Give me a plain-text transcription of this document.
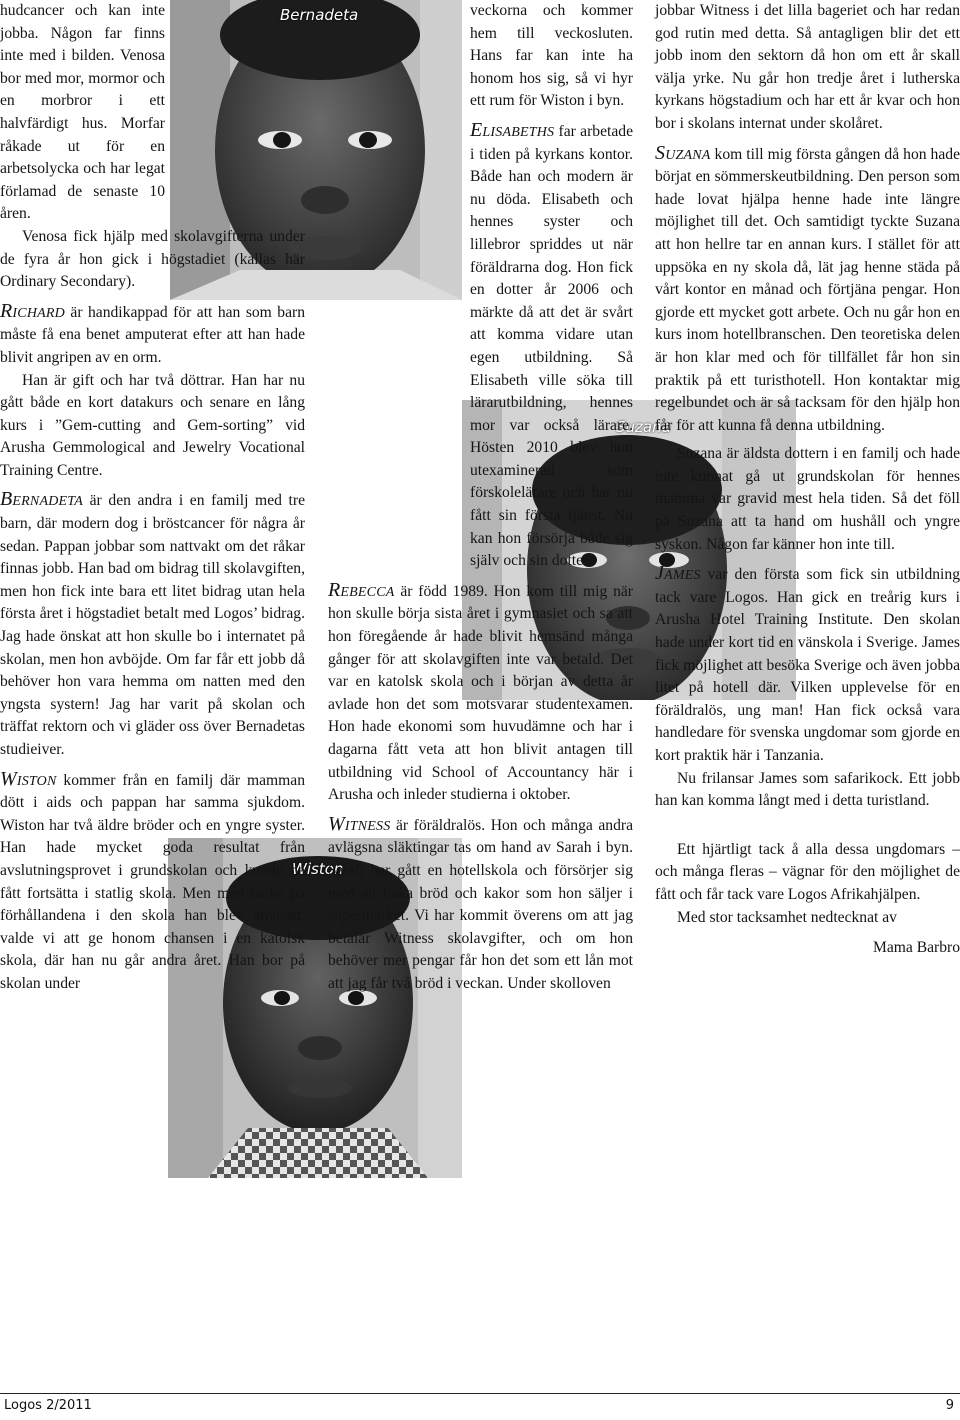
Bernadeta
Suzana
Wiston

hudcancer och kan inte jobba. Någon far finns inte med i bilden. Venosa bor med mor, mormor och en morbror i ett halvfärdigt hus. Morfar råkade ut för en arbetsolycka och har legat förlamad de senaste 10 åren.

Venosa fick hjälp med skolavgifterna under de fyra år hon gick i högstadiet (kallas här Ordinary Secondary).

Richard är handikappad för att han som barn måste få ena benet amputerat efter att han hade blivit angripen av en orm.

Han är gift och har två döttrar. Han har nu gått både en kort datakurs och senare en lång kurs i ”Gem-cutting and Gem-sorting” vid Arusha Gemmological and Jewelry Vocational Training Centre.

Bernadeta är den andra i en familj med tre barn, där modern dog i bröstcancer för några år sedan. Pappan jobbar som nattvakt om det råkar finnas jobb. Han bad om bidrag till skolavgiften, men hon fick inte bara ett litet bidrag utan hela första året i högstadiet betalt med Logos’ bidrag. Jag hade önskat att hon skulle bo i internatet på skolan, men hon avböjde. Om far får ett jobb då behöver hon vara hemma om natten med den yngsta systern! Jag har varit på skolan och träffat rektorn och vi gläder oss över Bernadetas studieiver.

Wiston kommer från en familj där mamman dött i aids och pappan har samma sjukdom. Wiston har två äldre bröder och en yngre syster. Han hade mycket goda resultat från avslutningsprovet i grundskolan och kunde ha fått fortsätta i statlig skola. Men med tanke på förhållandena i den skola han blev anvisad, valde vi att ge honom chansen i en katolsk skola, där han nu går andra året. Han bor på skolan under

veckorna och kommer hem till veckosluten. Hans far kan inte ha honom hos sig, så vi hyr ett rum för Wiston i byn.

Elisabeths far arbetade i tiden på kyrkans kontor. Både han och modern är nu döda. Elisabeth och hennes syster och lillebror spriddes ut när föräldrarna dog. Hon fick en dotter år 2006 och märkte då att det är svårt att komma vidare utan egen utbildning. Så Elisabeth ville söka till lärarutbildning, hennes mor var också lärare. Hösten 2010 blev hon utexaminerad som förskolelärare och har nu fått sin första tjänst. Nu kan hon försörja både sig själv och sin dotter.

Rebecca är född 1989. Hon kom till mig när hon skulle börja sista året i gymnasiet och sa att hon föregående år hade blivit hemsänd många gånger för att skolavgiften inte var betald. Det var en katolsk skola och i början av detta år avlade hon det som motsvarar studentexamen. Hon hade ekonomi som huvudämne och har i dagarna fått veta att hon blivit antagen till utbildning vid School of Accountancy här i Arusha och inleder studierna i oktober.

Witness är föräldralös. Hon och många andra avlägsna släktingar tas om hand av Sarah i byn. Sarah har gått en hotellskola och försörjer sig med att baka bröd och kakor som hon säljer i supermarket. Vi har kommit överens om att jag betalar Witness skolavgifter, och om hon behöver mer pengar får hon det som ett lån mot att jag får två bröd i veckan. Under skolloven

jobbar Witness i det lilla bageriet och har redan god rutin med detta. Så antagligen blir det ett jobb inom den sektorn då hon om ett år skall välja yrke. Nu går hon tredje året i lutherska kyrkans högstadium och har ett år kvar och hon bor i skolans internat under skolåret.

Suzana kom till mig första gången då hon hade börjat en sömmerskeutbildning. Den person som hade lovat hjälpa henne hade inte längre möjlighet till det. Och samtidigt tyckte Suzana att hon hellre tar en annan kurs. I stället för att uppsöka en ny skola då, lät jag henne städa på vårt kontor en månad och förtjäna pengar. Hon gjorde ett mycket gott arbete. Och nu går hon en kurs inom hotellbranschen. Den teoretiska delen är hon klar med och för tillfället får hon sin praktik på ett turisthotell. Hon kontaktar mig regelbundet och är så tacksam för den hjälp hon får för att kunna få denna utbildning.

Suzana är äldsta dottern i en familj och hade inte kunnat gå ut grundskolan för hennes mamma var gravid mest hela tiden. Så det föll på Suzana att ta hand om hushåll och yngre syskon. Någon far känner hon inte till.

James var den första som fick sin utbildning tack vare Logos. Han gick en treårig kurs i Arusha Hotel Training Institute. Den skolan hade under kort tid en vänskola i Sverige. James fick möjlighet att besöka Sverige och även jobba litet på hotell där. Vilken upplevelse för en föräldralös, ung man! Han fick också vara handledare för svenska ungdomar som gjorde en kort praktik här i Tanzania.

Nu frilansar James som safarikock. Ett jobb han kan komma långt med i detta turistland.

Ett hjärtligt tack å alla dessa ungdomars – och många fleras – vägnar för den möjlighet de fått och får tack vare Logos Afrikahjälpen.

Med stor tacksamhet nedtecknat av

Mama Barbro

Logos 2/2011	9
